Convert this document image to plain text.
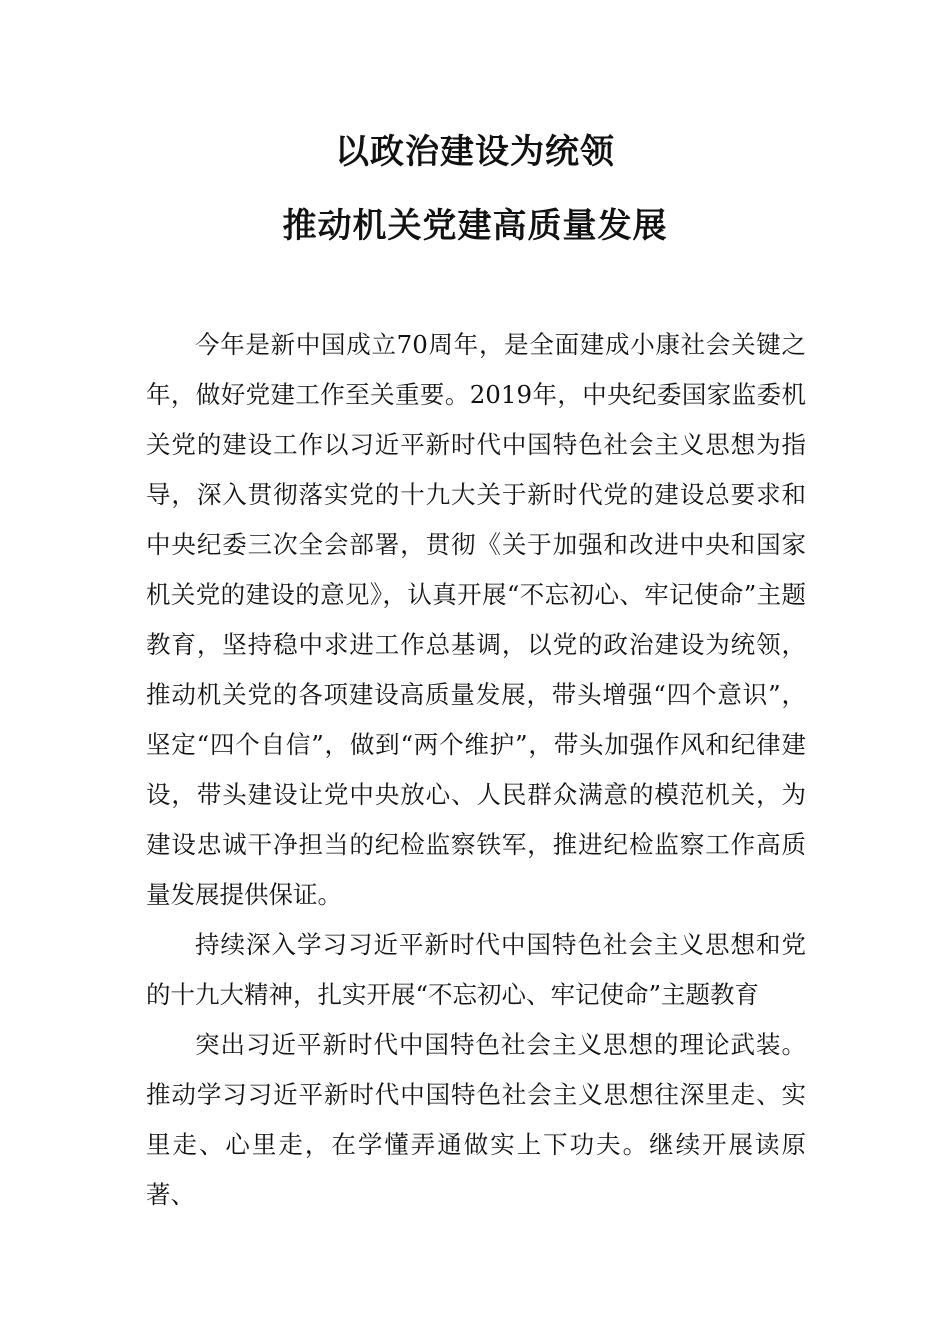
以政治建设为统领
推动机关党建高质量发展

今年是新中国成立70周年，是全面建成小康社会关键之年，做好党建工作至关重要。2019年，中央纪委国家监委机关党的建设工作以习近平新时代中国特色社会主义思想为指导，深入贯彻落实党的十九大关于新时代党的建设总要求和中央纪委三次全会部署，贯彻《关于加强和改进中央和国家机关党的建设的意见》，认真开展“不忘初心、牢记使命”主题教育，坚持稳中求进工作总基调，以党的政治建设为统领，推动机关党的各项建设高质量发展，带头增强“四个意识”，坚定“四个自信”，做到“两个维护”，带头加强作风和纪律建设，带头建设让党中央放心、人民群众满意的模范机关，为建设忠诚干净担当的纪检监察铁军，推进纪检监察工作高质量发展提供保证。

持续深入学习习近平新时代中国特色社会主义思想和党的十九大精神，扎实开展“不忘初心、牢记使命”主题教育

突出习近平新时代中国特色社会主义思想的理论武装。推动学习习近平新时代中国特色社会主义思想往深里走、实里走、心里走，在学懂弄通做实上下功夫。继续开展读原著、
